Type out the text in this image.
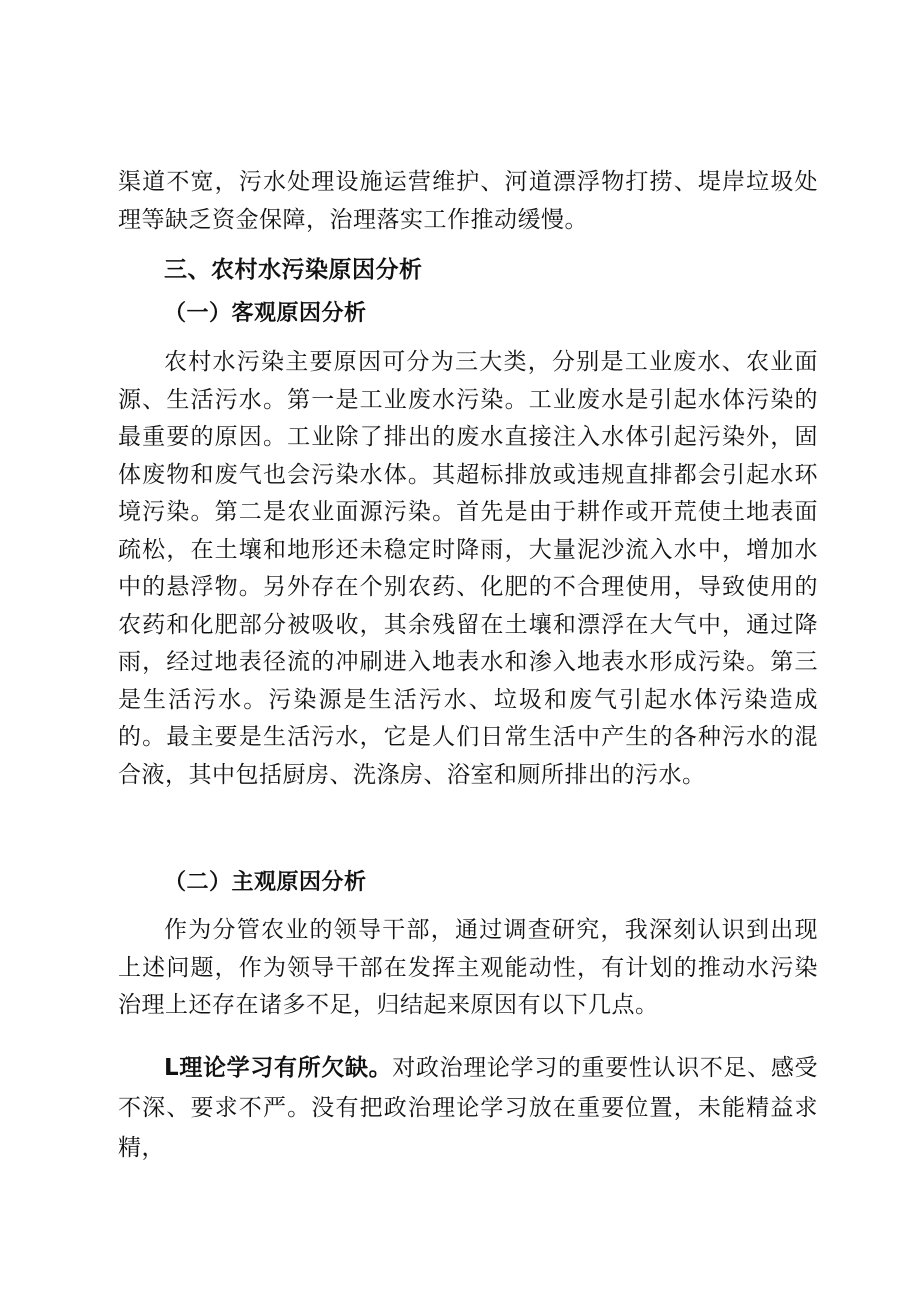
渠道不宽，污水处理设施运营维护、河道漂浮物打捞、堤岸垃圾处理等缺乏资金保障，治理落实工作推动缓慢。

三、农村水污染原因分析
（一）客观原因分析

农村水污染主要原因可分为三大类，分别是工业废水、农业面源、生活污水。第一是工业废水污染。工业废水是引起水体污染的最重要的原因。工业除了排出的废水直接注入水体引起污染外，固体废物和废气也会污染水体。其超标排放或违规直排都会引起水环境污染。第二是农业面源污染。首先是由于耕作或开荒使土地表面疏松，在土壤和地形还未稳定时降雨，大量泥沙流入水中，增加水中的悬浮物。另外存在个别农药、化肥的不合理使用，导致使用的农药和化肥部分被吸收，其余残留在土壤和漂浮在大气中，通过降雨，经过地表径流的冲刷进入地表水和渗入地表水形成污染。第三是生活污水。污染源是生活污水、垃圾和废气引起水体污染造成的。最主要是生活污水，它是人们日常生活中产生的各种污水的混合液，其中包括厨房、洗涤房、浴室和厕所排出的污水。

（二）主观原因分析

作为分管农业的领导干部，通过调查研究，我深刻认识到出现上述问题，作为领导干部在发挥主观能动性，有计划的推动水污染治理上还存在诸多不足，归结起来原因有以下几点。

L理论学习有所欠缺。对政治理论学习的重要性认识不足、感受不深、要求不严。没有把政治理论学习放在重要位置，未能精益求精，
